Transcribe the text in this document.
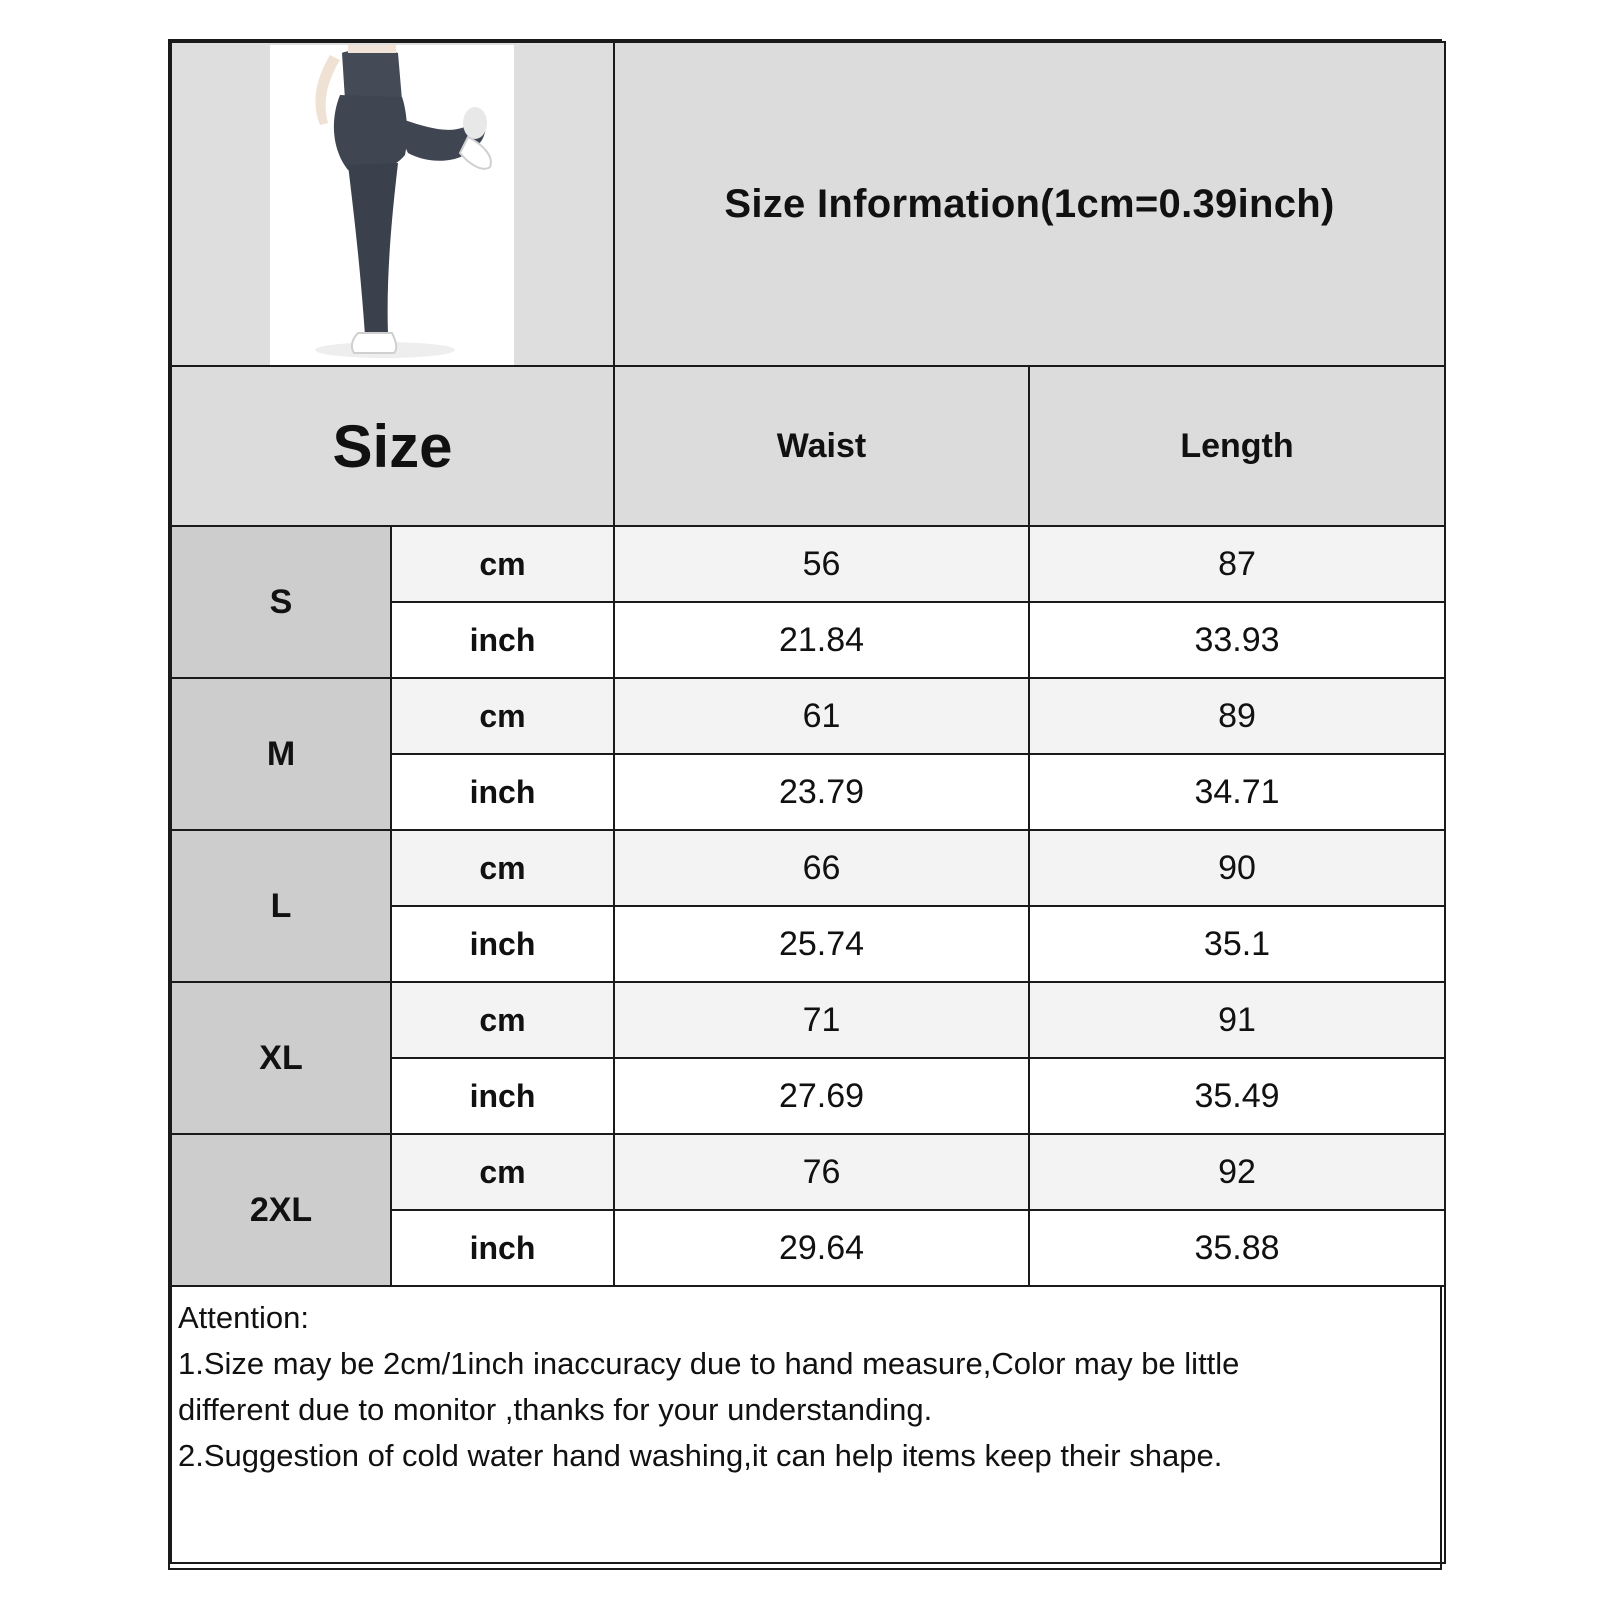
	Size Information(1cm=0.39inch)	
Size		Waist	Length
S	cm	56	87
	inch	21.84	33.93
M	cm	61	89
	inch	23.79	34.71
L	cm	66	90
	inch	25.74	35.1
XL	cm	71	91
	inch	27.69	35.49
2XL	cm	76	92
	inch	29.64	35.88

Attention:
1.Size may be 2cm/1inch inaccuracy due to hand measure,Color may be little
different due to monitor ,thanks for your understanding.
2.Suggestion of cold water hand washing,it can help items keep their shape.			
